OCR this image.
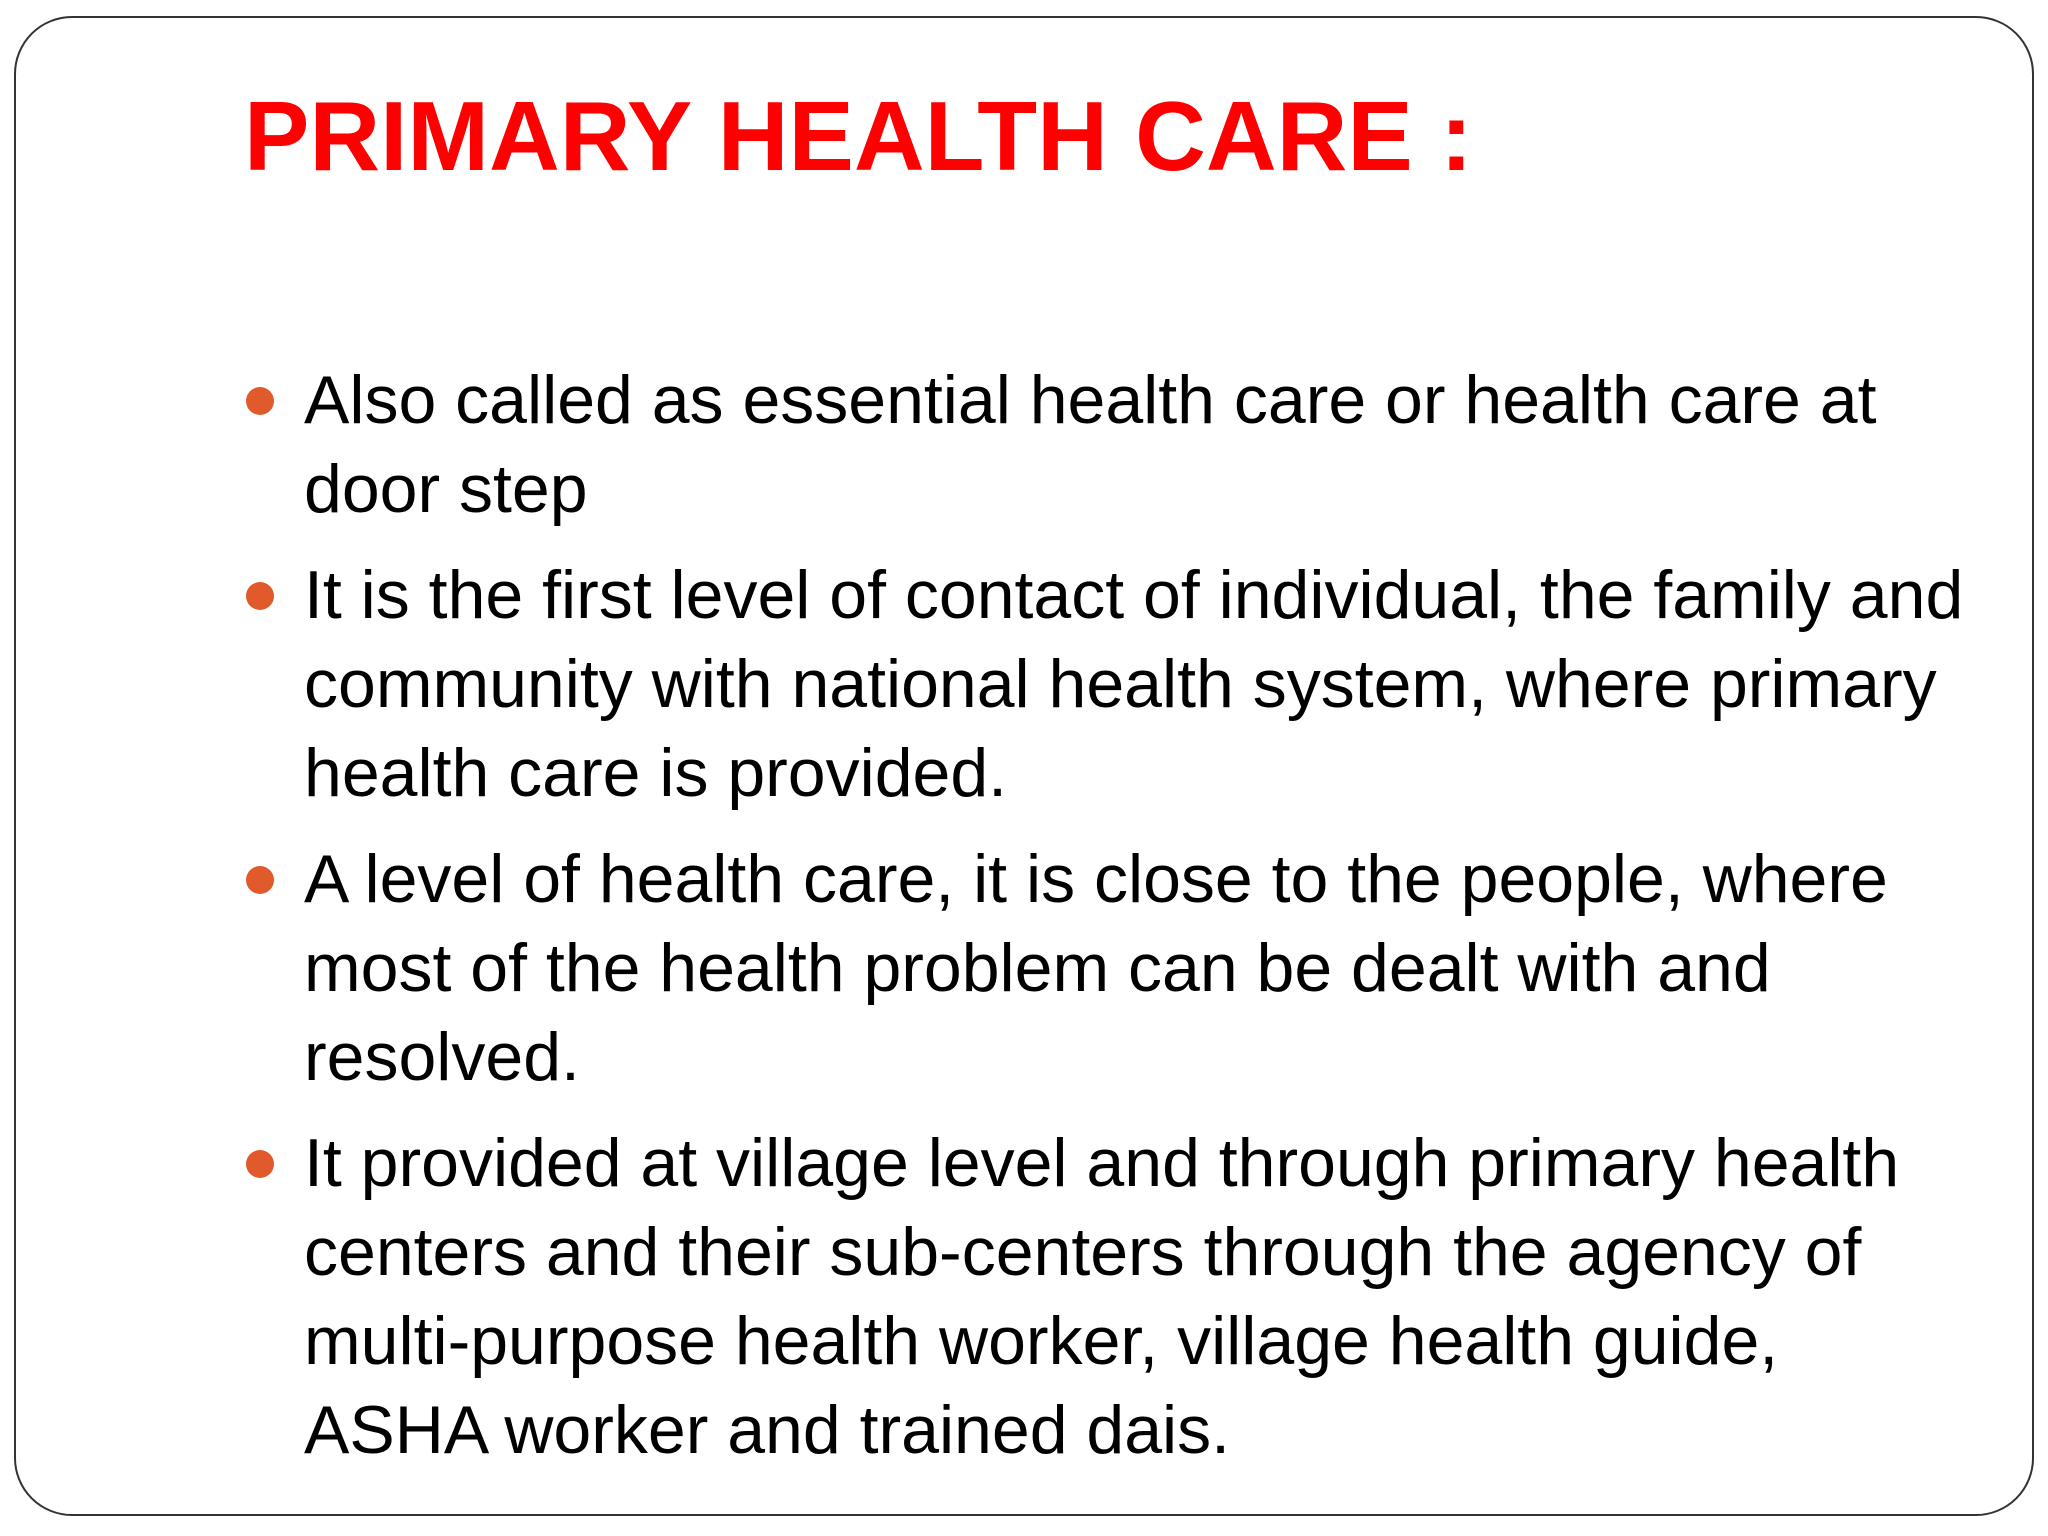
PRIMARY HEALTH CARE :
Also called as essential health care or health care at door step
It is the first level of contact of individual, the family and community with national health system, where primary health care is provided.
A level of health care, it is close to the people, where most of the health problem can be dealt with and resolved.
It provided at village level and through primary health centers and their sub-centers through the agency of multi-purpose health worker, village health guide, ASHA worker and trained dais.
